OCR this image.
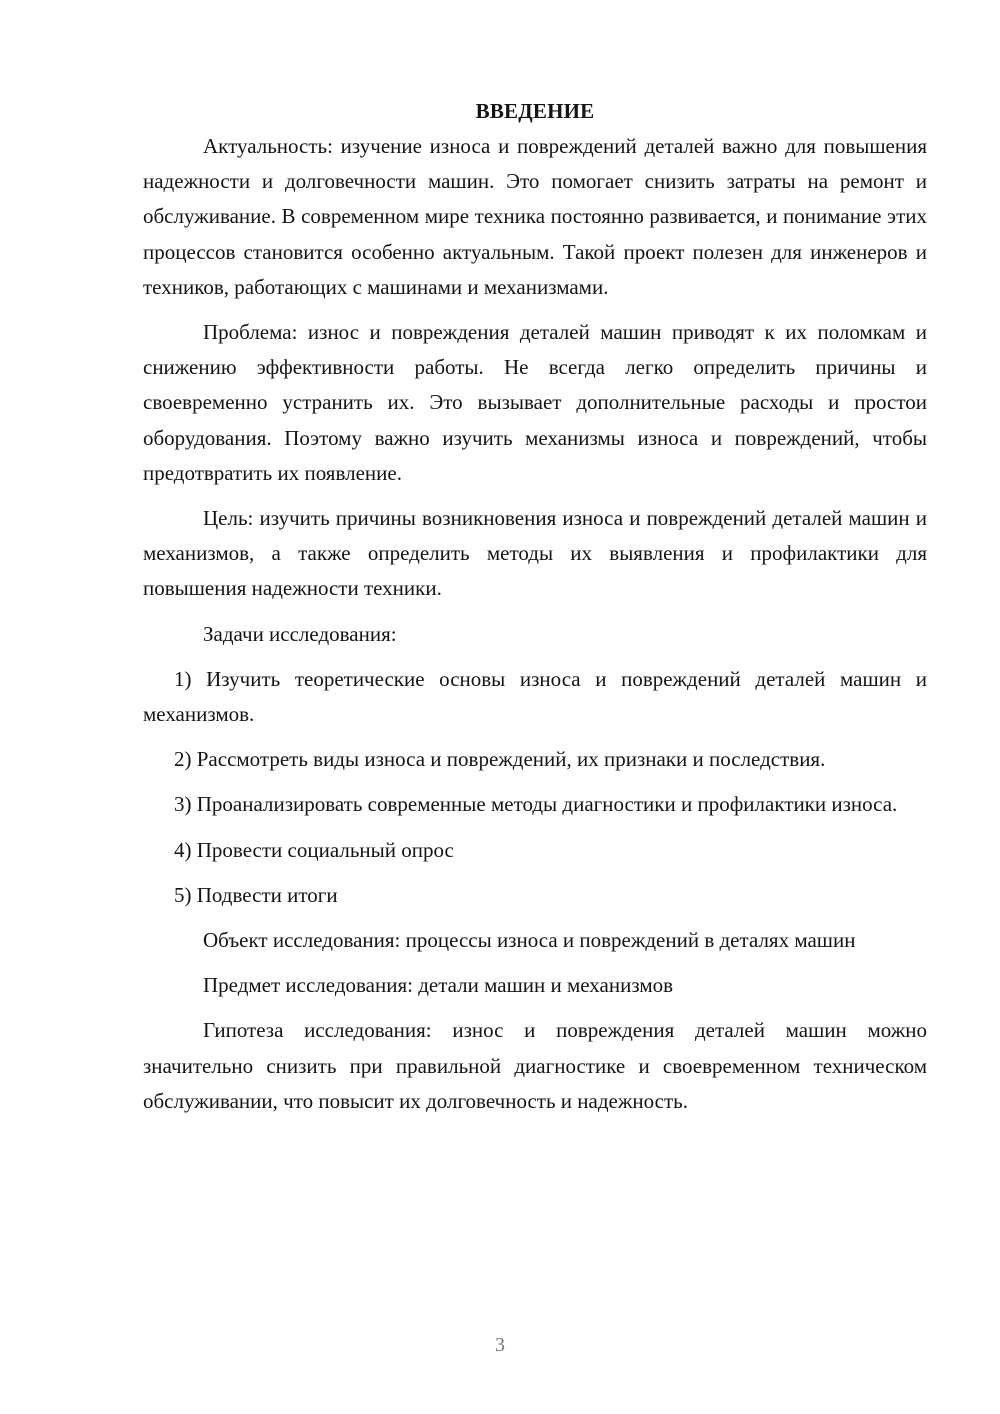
ВВЕДЕНИЕ

Актуальность: изучение износа и повреждений деталей важно для повышения надежности и долговечности машин. Это помогает снизить затраты на ремонт и обслуживание. В современном мире техника постоянно развивается, и понимание этих процессов становится особенно актуальным. Такой проект полезен для инженеров и техников, работающих с машинами и механизмами.

Проблема: износ и повреждения деталей машин приводят к их поломкам и снижению эффективности работы. Не всегда легко определить причины и своевременно устранить их. Это вызывает дополнительные расходы и простои оборудования. Поэтому важно изучить механизмы износа и повреждений, чтобы предотвратить их появление.

Цель: изучить причины возникновения износа и повреждений деталей машин и механизмов, а также определить методы их выявления и профилактики для повышения надежности техники.

Задачи исследования:

1) Изучить теоретические основы износа и повреждений деталей машин и механизмов.

2) Рассмотреть виды износа и повреждений, их признаки и последствия.

3) Проанализировать современные методы диагностики и профилактики износа.

4) Провести социальный опрос

5) Подвести итоги

Объект исследования: процессы износа и повреждений в деталях машин

Предмет исследования: детали машин и механизмов

Гипотеза исследования: износ и повреждения деталей машин можно значительно снизить при правильной диагностике и своевременном техническом обслуживании, что повысит их долговечность и надежность.

3
